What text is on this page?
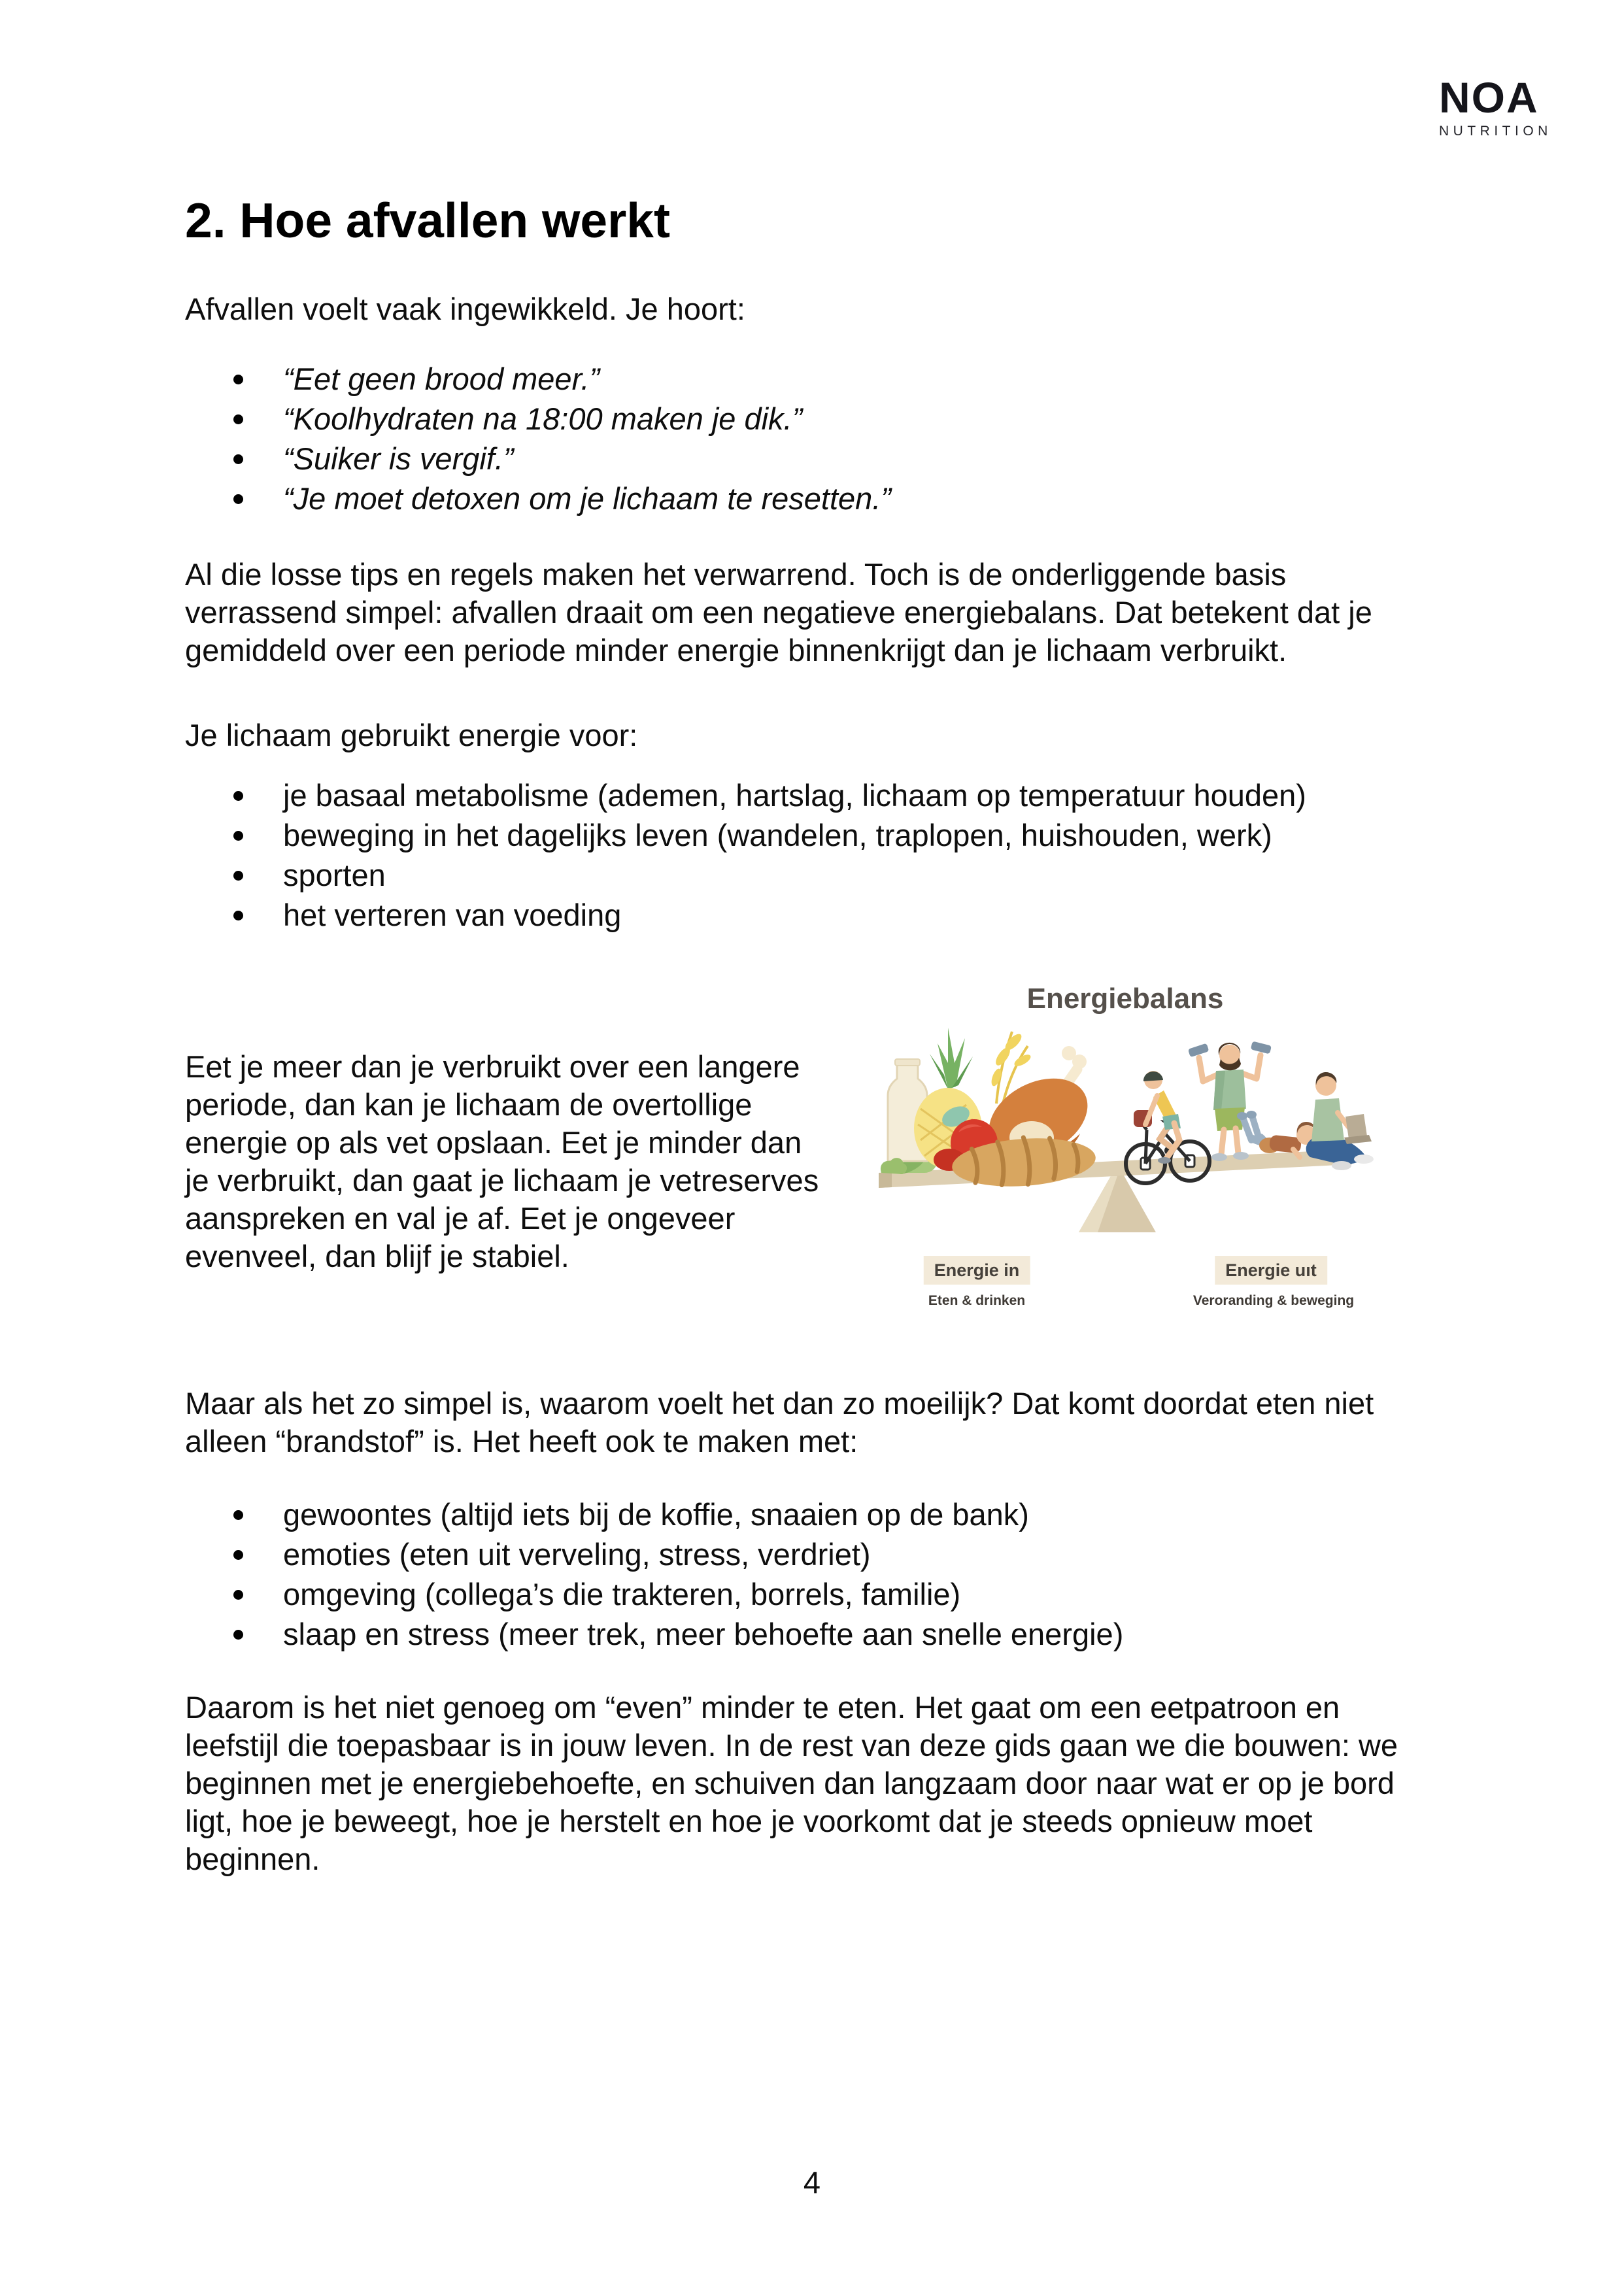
NOA
NUTRITION
2. Hoe afvallen werkt

Afvallen voelt vaak ingewikkeld. Je hoort:

“Eet geen brood meer.”
“Koolhydraten na 18:00 maken je dik.”
“Suiker is vergif.”
“Je moet detoxen om je lichaam te resetten.”

Al die losse tips en regels maken het verwarrend. Toch is de onderliggende basis verrassend simpel: afvallen draait om een negatieve energiebalans. Dat betekent dat je gemiddeld over een periode minder energie binnenkrijgt dan je lichaam verbruikt.

Je lichaam gebruikt energie voor:

je basaal metabolisme (ademen, hartslag, lichaam op temperatuur houden)
beweging in het dagelijks leven (wandelen, traplopen, huishouden, werk)
sporten
het verteren van voeding
Energiebalans
Energie in	Energie uıt
Eten & drinken	Veroranding & beweging

Eet je meer dan je verbruikt over een langere periode, dan kan je lichaam de overtollige energie op als vet opslaan. Eet je minder dan je verbruikt, dan gaat je lichaam je vetreserves aanspreken en val je af. Eet je ongeveer evenveel, dan blijf je stabiel.

Maar als het zo simpel is, waarom voelt het dan zo moeilijk? Dat komt doordat eten niet alleen “brandstof” is. Het heeft ook te maken met:

gewoontes (altijd iets bij de koffie, snaaien op de bank)
emoties (eten uit verveling, stress, verdriet)
omgeving (collega’s die trakteren, borrels, familie)
slaap en stress (meer trek, meer behoefte aan snelle energie)

Daarom is het niet genoeg om “even” minder te eten. Het gaat om een eetpatroon en leefstijl die toepasbaar is in jouw leven. In de rest van deze gids gaan we die bouwen: we beginnen met je energiebehoefte, en schuiven dan langzaam door naar wat er op je bord ligt, hoe je beweegt, hoe je herstelt en hoe je voorkomt dat je steeds opnieuw moet beginnen.

4
